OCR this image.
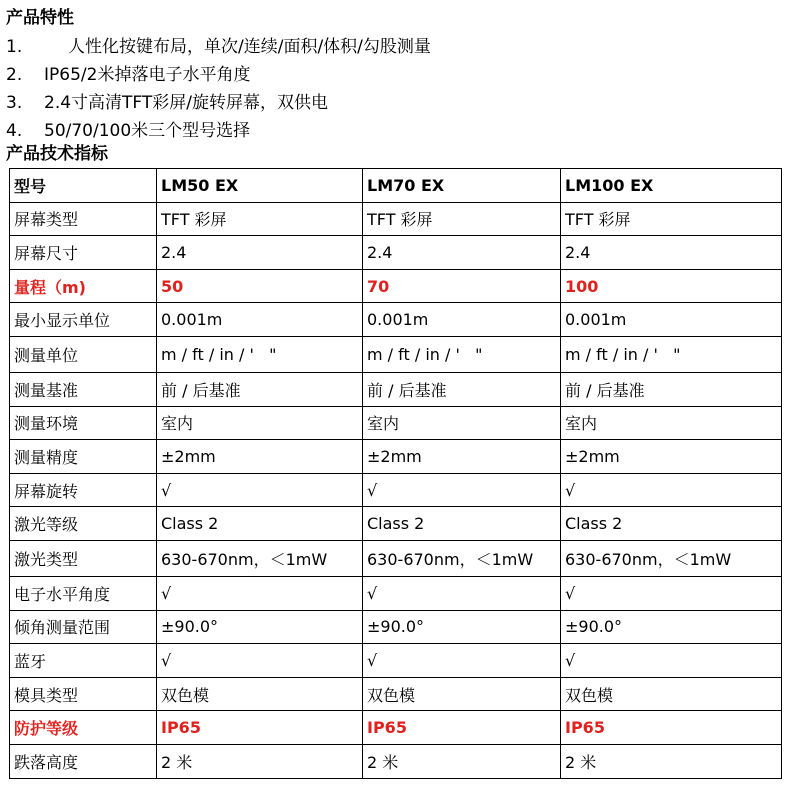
产品特性
1.	人性化按键布局，单次/连续/面积/体积/勾股测量
2. IP65/2米掉落电子水平角度
3. 2.4寸高清TFT彩屏/旋转屏幕，双供电
4. 50/70/100米三个型号选择
产品技术指标
型号	LM50 EX	LM70 EX	LM100 EX
屏幕类型	TFT 彩屏	TFT 彩屏	TFT 彩屏
屏幕尺寸	2.4	2.4	2.4
量程（m)	50	70	100
最小显示单位	0.001m	0.001m	0.001m
测量单位	m / ft / in / '   "	m / ft / in / '   "	m / ft / in / '   "
测量基准	前 / 后基准	前 / 后基准	前 / 后基准
测量环境	室内	室内	室内
测量精度	±2mm	±2mm	±2mm
屏幕旋转	√	√	√
激光等级	Class 2	Class 2	Class 2
激光类型	630-670nm，＜1mW	630-670nm，＜1mW	630-670nm，＜1mW
电子水平角度	√	√	√
倾角测量范围	±90.0°	±90.0°	±90.0°
蓝牙	√	√	√
模具类型	双色模	双色模	双色模
防护等级	IP65	IP65	IP65
跌落高度	2 米	2 米	2 米
